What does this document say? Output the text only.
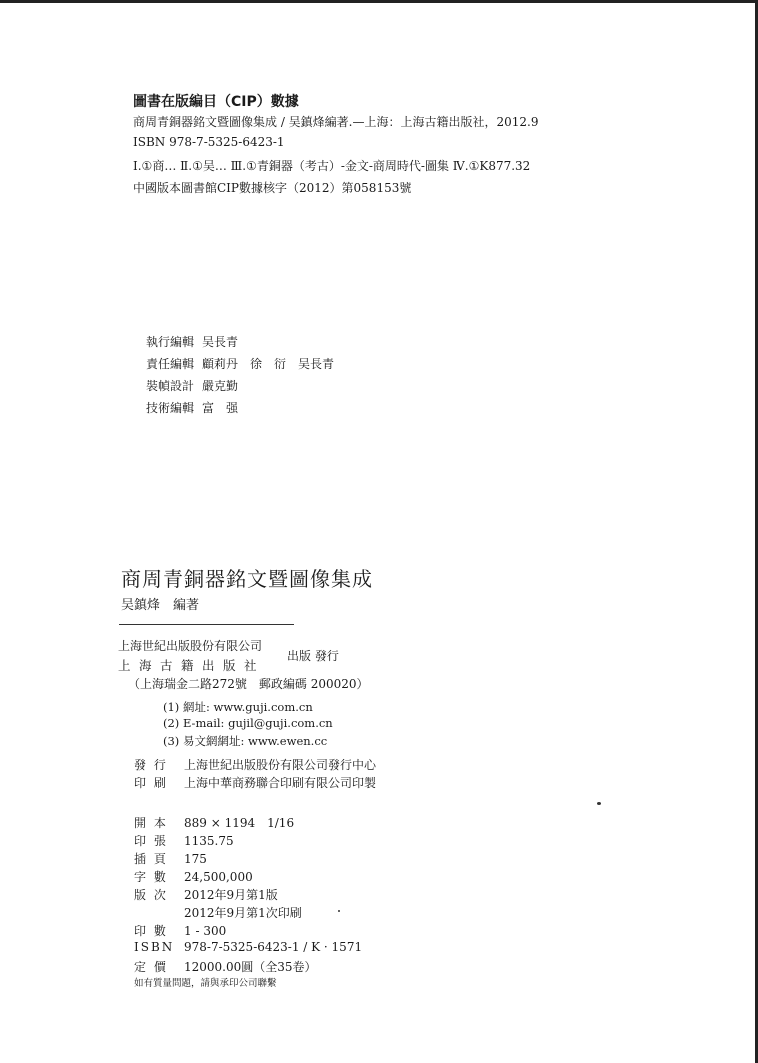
圖書在版編目（CIP）數據
商周青銅器銘文暨圖像集成 / 吴鎮烽編著.—上海：上海古籍出版社，2012.9
ISBN 978-7-5325-6423-1
Ⅰ.①商… Ⅱ.①吴… Ⅲ.①青銅器（考古）-金文-商周時代-圖集 Ⅳ.①K877.32
中國版本圖書館CIP數據核字（2012）第058153號
執行編輯 吴長青
責任編輯 顧莉丹　徐　衍　吴長青
裝幀設計 嚴克勤
技術編輯 富　强
商周青銅器銘文暨圖像集成
吴鎮烽　編著
上海世紀出版股份有限公司
上海古籍出版社
出版 發行
（上海瑞金二路272號　郵政編碼 200020）
(1) 網址: www.guji.com.cn
(2) E-mail: gujil@guji.com.cn
(3) 易文網網址: www.ewen.cc
發 行 上海世紀出版股份有限公司發行中心
印 刷 上海中華商務聯合印刷有限公司印製
開 本 889 × 1194　1/16
印 張 1135.75
插 頁 175
字 數 24,500,000
版 次 2012年9月第1版
2012年9月第1次印刷
印 數 1 - 300
ISBN 978-7-5325-6423-1 / K · 1571
定 價 12000.00圓（全35卷）
如有質量問題，請與承印公司聯繫
